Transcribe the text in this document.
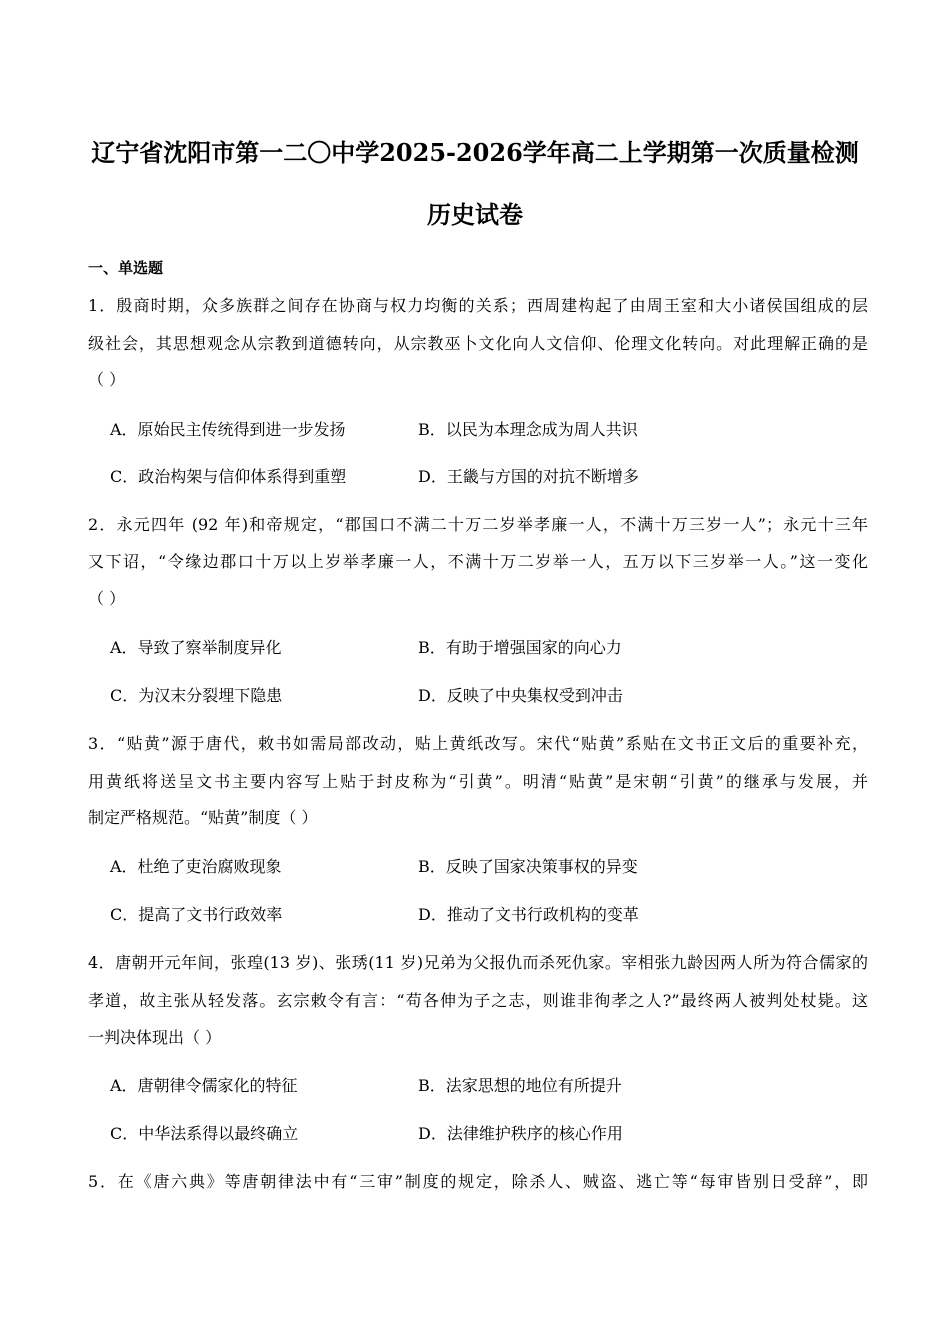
辽宁省沈阳市第一二〇中学2025-2026学年高二上学期第一次质量检测
历史试卷
一、单选题
1．殷商时期，众多族群之间存在协商与权力均衡的关系；西周建构起了由周王室和大小诸侯国组成的层
级社会，其思想观念从宗教到道德转向，从宗教巫卜文化向人文信仰、伦理文化转向。对此理解正确的是
（ ）
A．原始民主传统得到进一步发扬	B．以民为本理念成为周人共识
C．政治构架与信仰体系得到重塑	D．王畿与方国的对抗不断增多
2．永元四年 (92 年)和帝规定，“郡国口不满二十万二岁举孝廉一人，不满十万三岁一人”；永元十三年
又下诏，“令缘边郡口十万以上岁举孝廉一人，不满十万二岁举一人，五万以下三岁举一人。”这一变化
（ ）
A．导致了察举制度异化	B．有助于增强国家的向心力
C．为汉末分裂埋下隐患	D．反映了中央集权受到冲击
3．“贴黄”源于唐代，敕书如需局部改动，贴上黄纸改写。宋代“贴黄”系贴在文书正文后的重要补充，
用黄纸将送呈文书主要内容写上贴于封皮称为“引黄”。明清“贴黄”是宋朝“引黄”的继承与发展，并
制定严格规范。“贴黄”制度（ ）
A．杜绝了吏治腐败现象	B．反映了国家决策事权的异变
C．提高了文书行政效率	D．推动了文书行政机构的变革
4．唐朝开元年间，张瑝(13 岁)、张琇(11 岁)兄弟为父报仇而杀死仇家。宰相张九龄因两人所为符合儒家的
孝道，故主张从轻发落。玄宗敕令有言：“苟各伸为子之志，则谁非徇孝之人?”最终两人被判处杖毙。这
一判决体现出（ ）
A．唐朝律令儒家化的特征	B．法家思想的地位有所提升
C．中华法系得以最终确立	D．法律维护秩序的核心作用
5．在《唐六典》等唐朝律法中有“三审”制度的规定，除杀人、贼盗、逃亡等“每审皆别日受辞”，即
